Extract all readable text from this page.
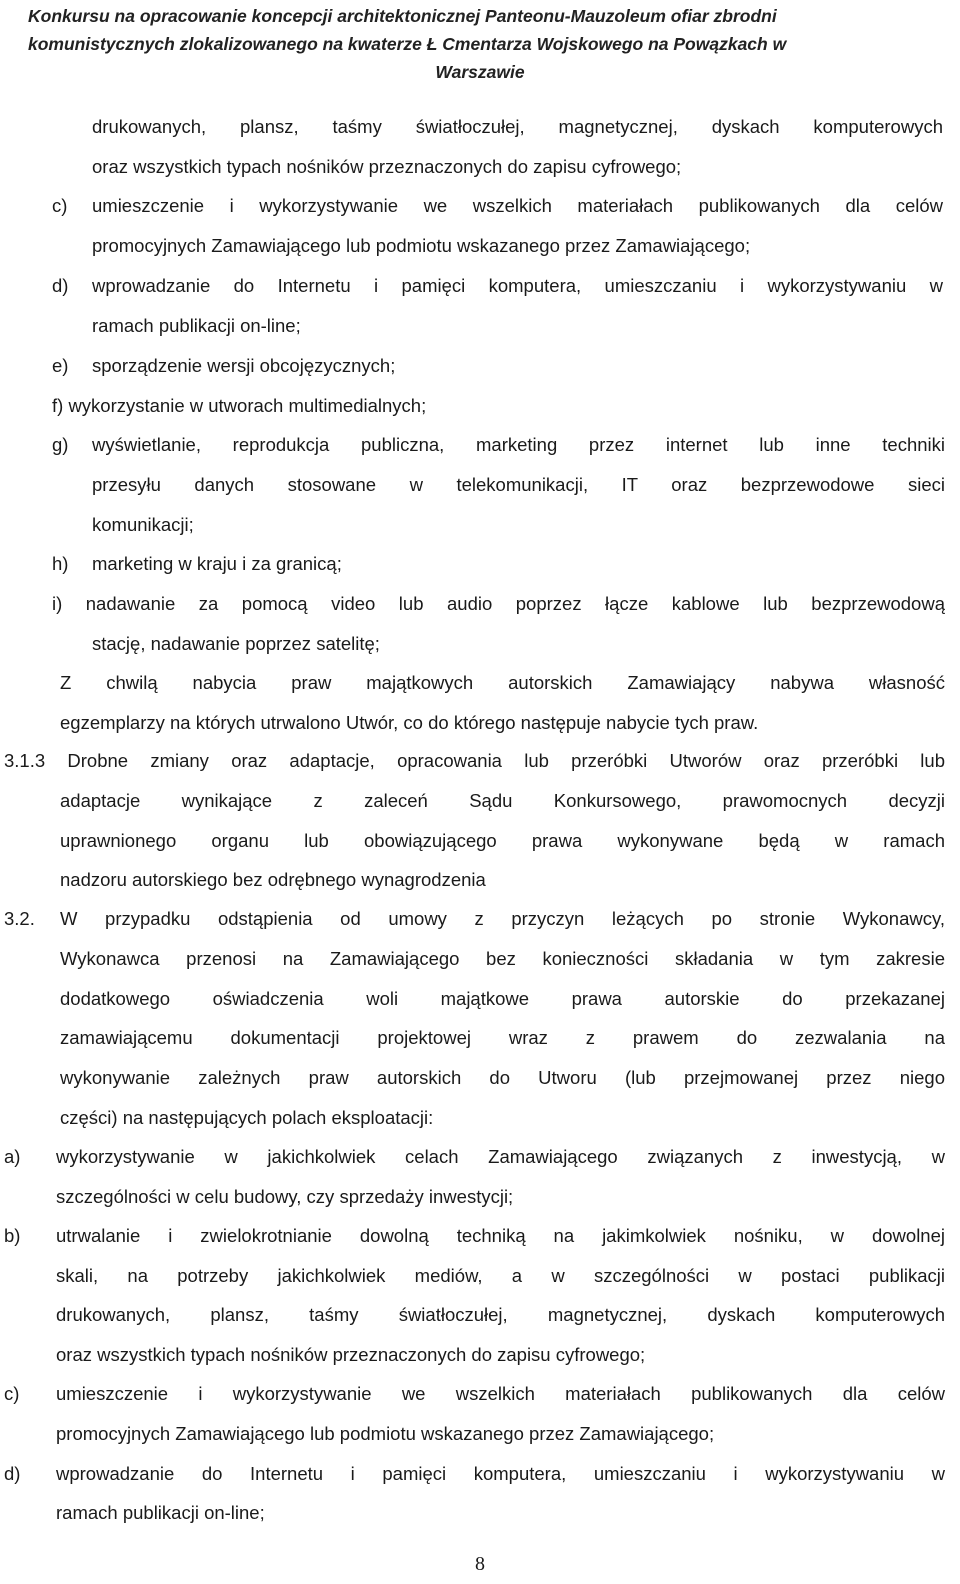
Konkursu na opracowanie koncepcji architektonicznej Panteonu-Mauzoleum ofiar zbrodni
komunistycznych zlokalizowanego na kwaterze Ł Cmentarza Wojskowego na Powązkach w
Warszawie
c)
d)
e)
g)
h)
3.2.
a)
b)
c)
d)
drukowanych, plansz, taśmy światłoczułej, magnetycznej, dyskach komputerowych
oraz wszystkich typach nośników przeznaczonych do zapisu cyfrowego;
umieszczenie i wykorzystywanie we wszelkich materiałach publikowanych dla celów
promocyjnych Zamawiającego lub podmiotu wskazanego przez Zamawiającego;
wprowadzanie do Internetu i pamięci komputera, umieszczaniu i wykorzystywaniu w
ramach publikacji on-line;
sporządzenie wersji obcojęzycznych;
f) wykorzystanie w utworach multimedialnych;
wyświetlanie, reprodukcja publiczna, marketing przez internet lub inne techniki
przesyłu danych stosowane w telekomunikacji, IT oraz bezprzewodowe sieci
komunikacji;
marketing w kraju i za granicą;
i) nadawanie za pomocą video lub audio poprzez łącze kablowe lub bezprzewodową
stację, nadawanie poprzez satelitę;
Z chwilą nabycia praw majątkowych autorskich Zamawiający nabywa własność
egzemplarzy na których utrwalono Utwór, co do którego następuje nabycie tych praw.
3.1.3 Drobne zmiany oraz adaptacje, opracowania lub przeróbki Utworów oraz przeróbki lub
adaptacje wynikające z zaleceń Sądu Konkursowego, prawomocnych decyzji
uprawnionego organu lub obowiązującego prawa wykonywane będą w ramach
nadzoru autorskiego bez odrębnego wynagrodzenia
W przypadku odstąpienia od umowy z przyczyn leżących po stronie Wykonawcy,
Wykonawca przenosi na Zamawiającego bez konieczności składania w tym zakresie
dodatkowego oświadczenia woli majątkowe prawa autorskie do przekazanej
zamawiającemu dokumentacji projektowej wraz z prawem do zezwalania na
wykonywanie zależnych praw autorskich do Utworu (lub przejmowanej przez niego
części) na następujących polach eksploatacji:
wykorzystywanie w jakichkolwiek celach Zamawiającego związanych z inwestycją, w
szczególności w celu budowy, czy sprzedaży inwestycji;
utrwalanie i zwielokrotnianie dowolną techniką na jakimkolwiek nośniku, w dowolnej
skali, na potrzeby jakichkolwiek mediów, a w szczególności w postaci publikacji
drukowanych, plansz, taśmy światłoczułej, magnetycznej, dyskach komputerowych
oraz wszystkich typach nośników przeznaczonych do zapisu cyfrowego;
umieszczenie i wykorzystywanie we wszelkich materiałach publikowanych dla celów
promocyjnych Zamawiającego lub podmiotu wskazanego przez Zamawiającego;
wprowadzanie do Internetu i pamięci komputera, umieszczaniu i wykorzystywaniu w
ramach publikacji on-line;
8
